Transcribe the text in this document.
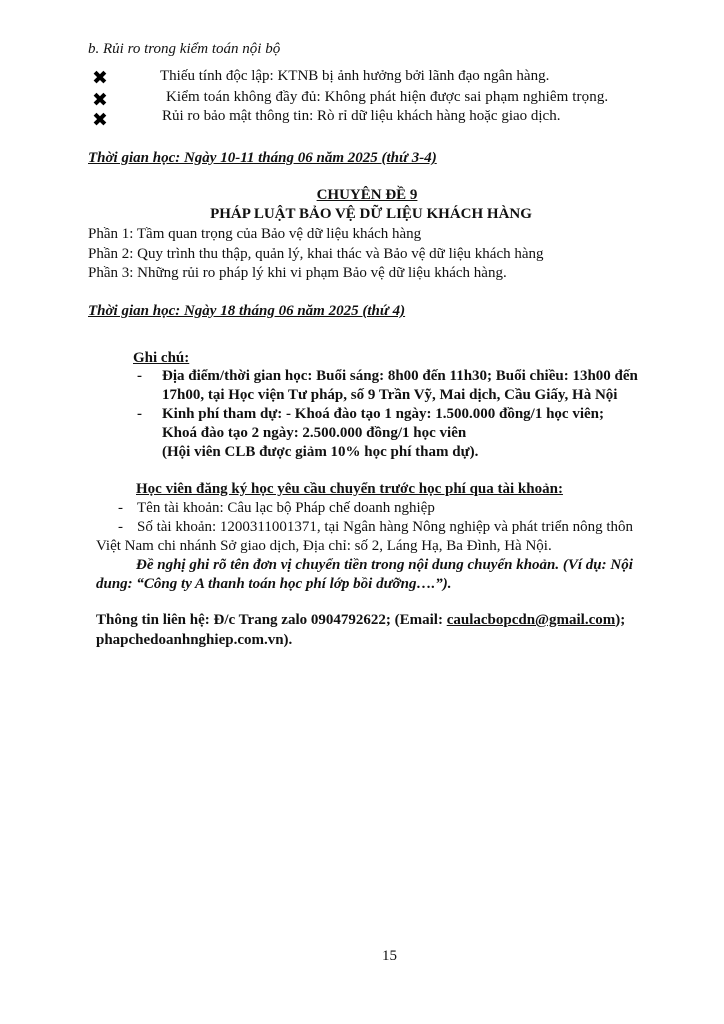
b. Rủi ro trong kiểm toán nội bộ
✖	Thiếu tính độc lập: KTNB bị ảnh hưởng bởi lãnh đạo ngân hàng.
✖	Kiểm toán không đầy đủ: Không phát hiện được sai phạm nghiêm trọng.
✖	Rủi ro bảo mật thông tin: Rò rỉ dữ liệu khách hàng hoặc giao dịch.
Thời gian học: Ngày 10-11 tháng 06 năm 2025 (thứ 3-4)
CHUYÊN ĐỀ 9
PHÁP LUẬT BẢO VỆ DỮ LIỆU KHÁCH HÀNG
Phần 1: Tầm quan trọng của Bảo vệ dữ liệu khách hàng
Phần 2: Quy trình thu thập, quản lý, khai thác và Bảo vệ dữ liệu khách hàng
Phần 3: Những rủi ro pháp lý khi vi phạm Bảo vệ dữ liệu khách hàng.
Thời gian học: Ngày 18 tháng 06 năm 2025 (thứ 4)
Ghi chú:
- Địa điểm/thời gian học: Buổi sáng: 8h00 đến 11h30; Buổi chiều: 13h00 đến
17h00, tại Học viện Tư pháp, số 9 Trần Vỹ, Mai dịch, Cầu Giấy, Hà Nội
- Kinh phí tham dự: - Khoá đào tạo 1 ngày: 1.500.000 đồng/1 học viên;
Khoá đào tạo 2 ngày: 2.500.000 đồng/1 học viên
(Hội viên CLB được giảm 10% học phí tham dự).
Học viên đăng ký học yêu cầu chuyển trước học phí qua tài khoản:
- Tên tài khoản: Câu lạc bộ Pháp chế doanh nghiệp
- Số tài khoản: 1200311001371, tại Ngân hàng Nông nghiệp và phát triển nông thôn
Việt Nam chi nhánh Sở giao dịch, Địa chỉ: số 2, Láng Hạ, Ba Đình, Hà Nội.
Đề nghị ghi rõ tên đơn vị chuyển tiền trong nội dung chuyển khoản. (Ví dụ: Nội
dung: “Công ty A thanh toán học phí lớp bồi dưỡng….”).
Thông tin liên hệ: Đ/c Trang zalo 0904792622; (Email: caulacbopcdn@gmail.com);
phapchedoanhnghiep.com.vn).
15
